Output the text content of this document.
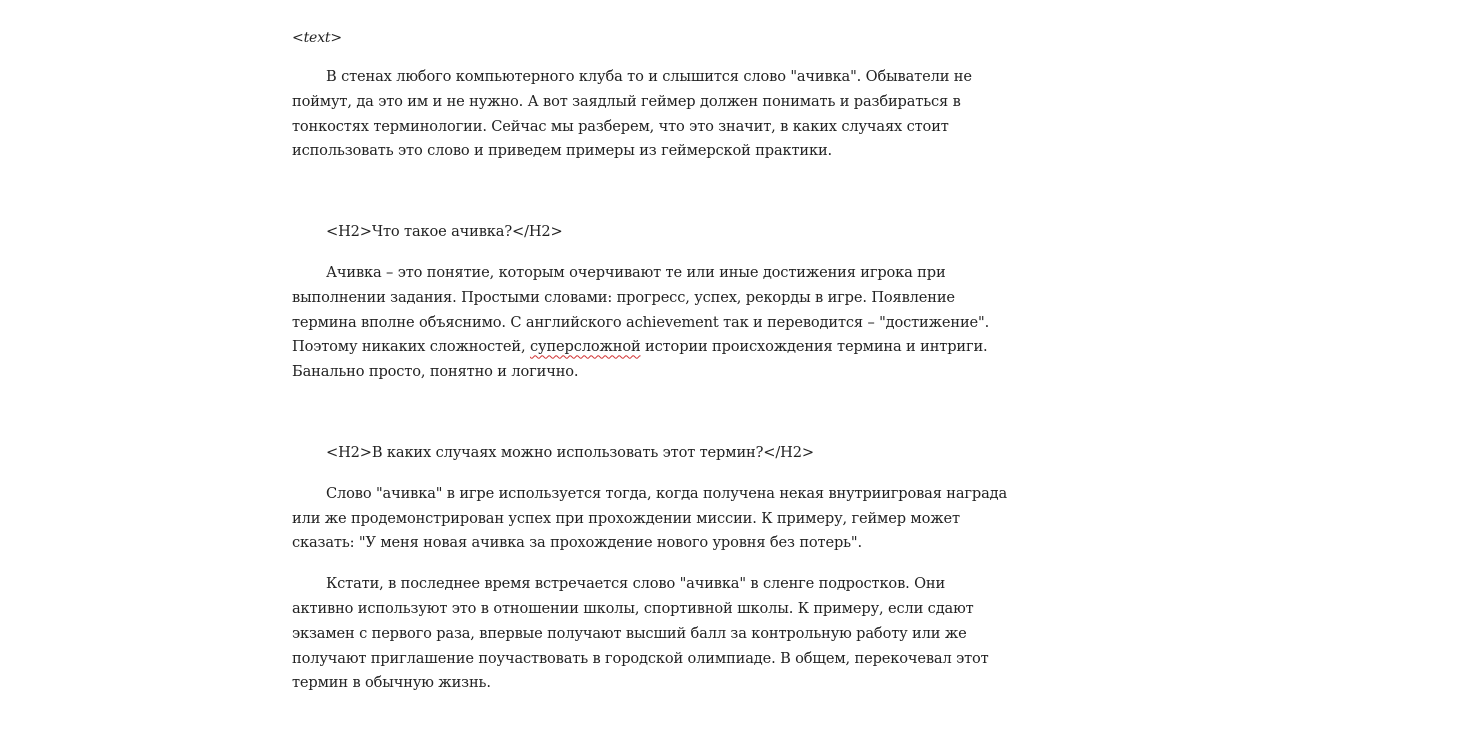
<text>

В стенах любого компьютерного клуба то и слышится слово "ачивка". Обыватели не поймут, да это им и не нужно. А вот заядлый геймер должен понимать и разбираться в тонкостях терминологии. Сейчас мы разберем, что это значит, в каких случаях стоит использовать это слово и приведем примеры из геймерской практики.

<H2>Что такое ачивка?</H2>

Ачивка – это понятие, которым очерчивают те или иные достижения игрока при выполнении задания. Простыми словами: прогресс, успех, рекорды в игре. Появление термина вполне объяснимо. С английского achievement так и переводится – "достижение". Поэтому никаких сложностей, суперсложной истории происхождения термина и интриги. Банально просто, понятно и логично.

<H2>В каких случаях можно использовать этот термин?</H2>

Слово "ачивка" в игре используется тогда, когда получена некая внутриигровая награда или же продемонстрирован успех при прохождении миссии. К примеру, геймер может сказать: "У меня новая ачивка за прохождение нового уровня без потерь".

Кстати, в последнее время встречается слово "ачивка" в сленге подростков. Они активно используют это в отношении школы, спортивной школы. К примеру, если сдают экзамен с первого раза, впервые получают высший балл за контрольную работу или же получают приглашение поучаствовать в городской олимпиаде. В общем, перекочевал этот термин в обычную жизнь.
